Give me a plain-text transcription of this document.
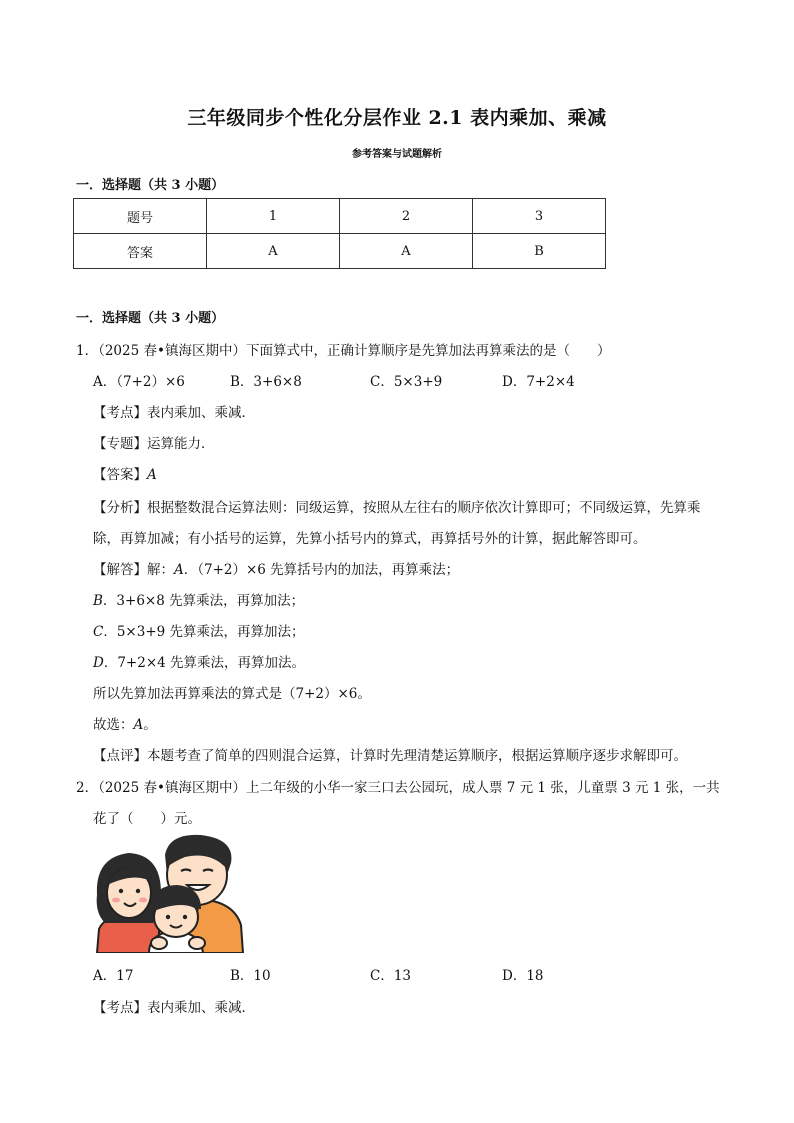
三年级同步个性化分层作业 2.1 表内乘加、乘减
参考答案与试题解析
一．选择题（共 3 小题）
题号	1	2	3
答案	A	A	B
一．选择题（共 3 小题）
1．（2025 春•镇海区期中）下面算式中，正确计算顺序是先算加法再算乘法的是（　　）
A．（7+2）×6	B．3+6×8	C．5×3+9	D．7+2×4
【考点】表内乘加、乘减．
【专题】运算能力．
【答案】A
【分析】根据整数混合运算法则：同级运算，按照从左往右的顺序依次计算即可；不同级运算，先算乘
除，再算加减；有小括号的运算，先算小括号内的算式，再算括号外的计算，据此解答即可。
【解答】解：A．（7+2）×6 先算括号内的加法，再算乘法；
B．3+6×8 先算乘法，再算加法；
C．5×3+9 先算乘法，再算加法；
D．7+2×4 先算乘法，再算加法。
所以先算加法再算乘法的算式是（7+2）×6。
故选：A。
【点评】本题考查了简单的四则混合运算，计算时先理清楚运算顺序，根据运算顺序逐步求解即可。
2．（2025 春•镇海区期中）上二年级的小华一家三口去公园玩，成人票 7 元 1 张，儿童票 3 元 1 张，一共
花了（　　）元。
A．17	B．10	C．13	D．18
【考点】表内乘加、乘减．
